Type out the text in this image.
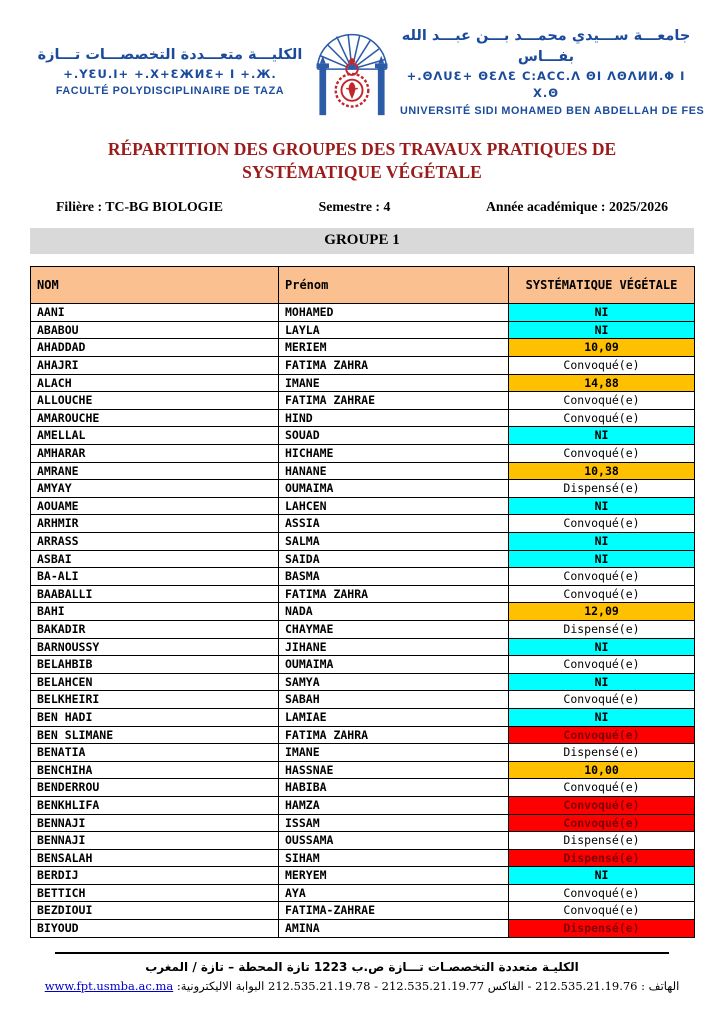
الكليـــة متعـــددة التخصصـــات تـــازة
+.YƐU.I+ +.X+ƐЖИƐ+ I +.Ж.
FACULTÉ POLYDISCIPLINAIRE DE TAZA
جامعـــة ســـيدي محمـــد بـــن عبـــد الله بفـــاس
+.ΘΛUƐ+ ΘƐΛƐ C:ACC.Λ ΘI ΛΘΛИИ.Φ I X.Θ
UNIVERSITÉ SIDI MOHAMED BEN ABDELLAH DE FES
RÉPARTITION DES GROUPES DES TRAVAUX PRATIQUES DE
SYSTÉMATIQUE VÉGÉTALE
Filière : TC-BG BIOLOGIE	Semestre : 4	Année académique : 2025/2026
GROUPE 1
NOM	Prénom	SYSTÉMATIQUE VÉGÉTALE
AANI	MOHAMED	NI
ABABOU	LAYLA	NI
AHADDAD	MERIEM	10,09
AHAJRI	FATIMA ZAHRA	Convoqué(e)
ALACH	IMANE	14,88
ALLOUCHE	FATIMA ZAHRAE	Convoqué(e)
AMAROUCHE	HIND	Convoqué(e)
AMELLAL	SOUAD	NI
AMHARAR	HICHAME	Convoqué(e)
AMRANE	HANANE	10,38
AMYAY	OUMAIMA	Dispensé(e)
AOUAME	LAHCEN	NI
ARHMIR	ASSIA	Convoqué(e)
ARRASS	SALMA	NI
ASBAI	SAIDA	NI
BA-ALI	BASMA	Convoqué(e)
BAABALLI	FATIMA ZAHRA	Convoqué(e)
BAHI	NADA	12,09
BAKADIR	CHAYMAE	Dispensé(e)
BARNOUSSY	JIHANE	NI
BELAHBIB	OUMAIMA	Convoqué(e)
BELAHCEN	SAMYA	NI
BELKHEIRI	SABAH	Convoqué(e)
BEN HADI	LAMIAE	NI
BEN SLIMANE	FATIMA ZAHRA	Convoqué(e)
BENATIA	IMANE	Dispensé(e)
BENCHIHA	HASSNAE	10,00
BENDERROU	HABIBA	Convoqué(e)
BENKHLIFA	HAMZA	Convoqué(e)
BENNAJI	ISSAM	Convoqué(e)
BENNAJI	OUSSAMA	Dispensé(e)
BENSALAH	SIHAM	Dispensé(e)
BERDIJ	MERYEM	NI
BETTICH	AYA	Convoqué(e)
BEZDIOUI	FATIMA-ZAHRAE	Convoqué(e)
BIYOUD	AMINA	Dispensé(e)
الكليـة متعددة التخصصـات تـــازة ص.ب 1223 تازة المحطة – تازة / المغرب
الهاتف : 212.535.21.19.76 - الفاكس 212.535.21.19.77 - 212.535.21.19.78 البوابة الاليكترونية: www.fpt.usmba.ac.ma
